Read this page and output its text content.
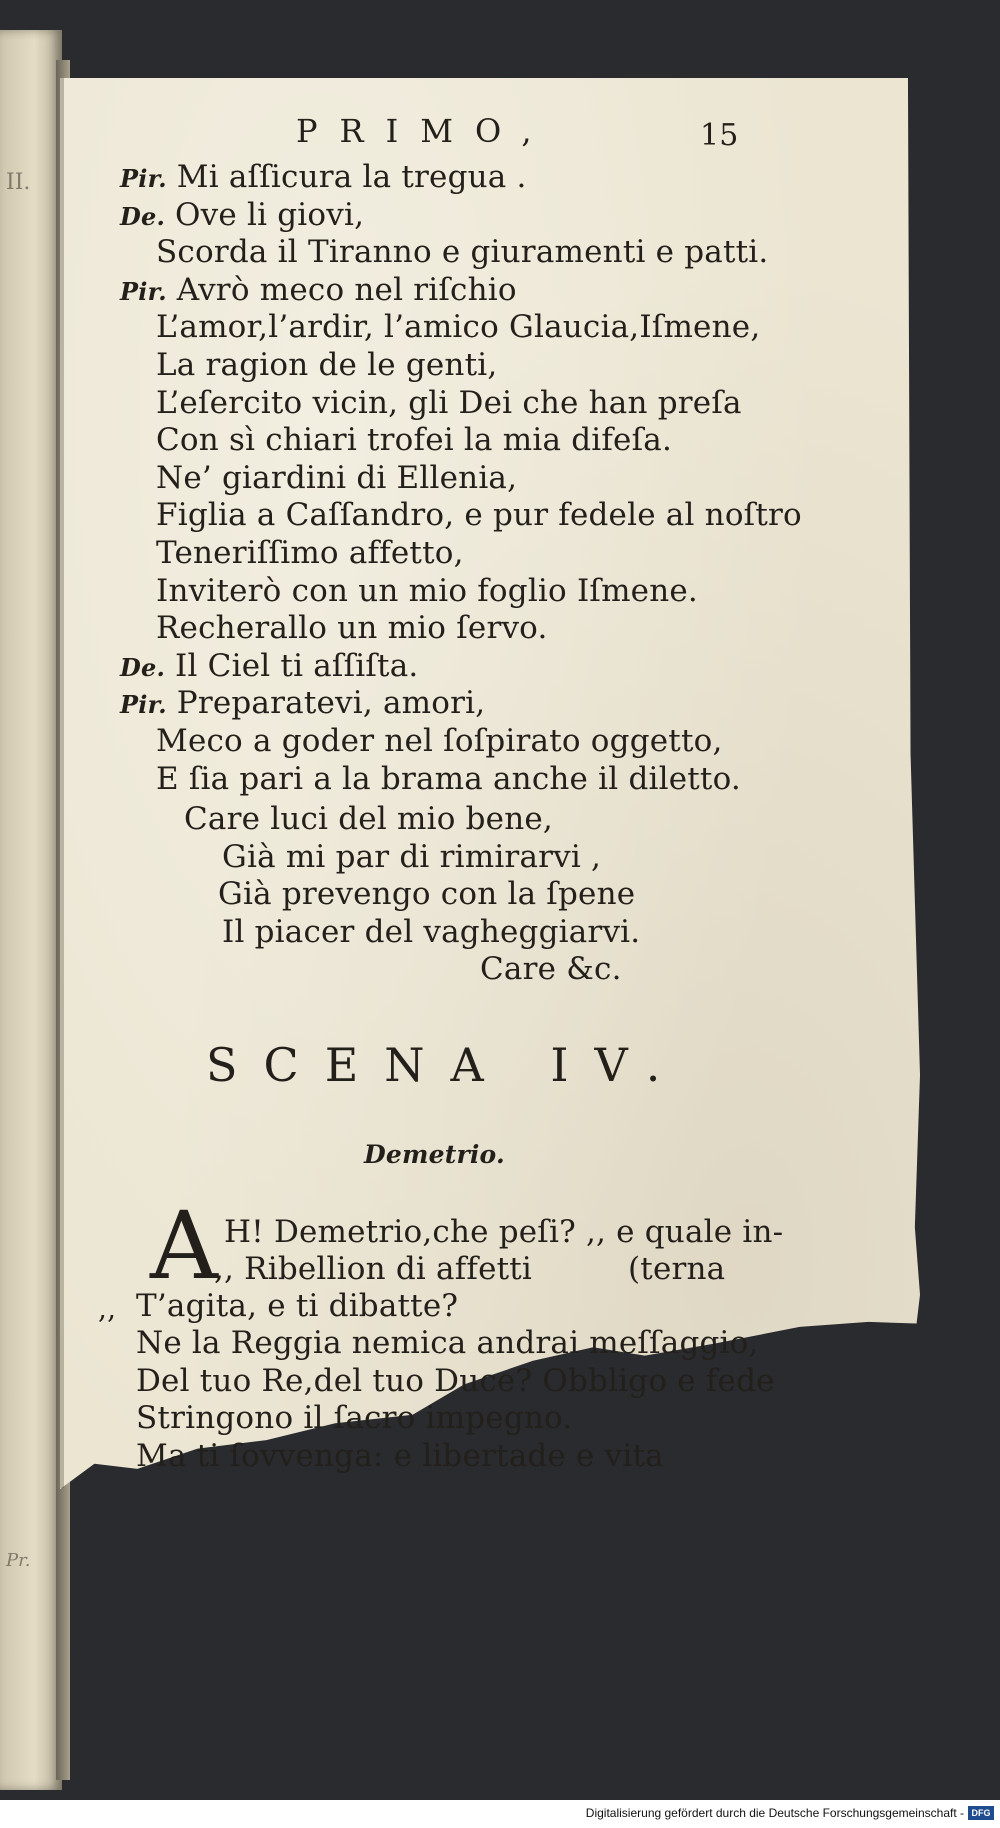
II.
Pr.
PRIMO,	15
Care &c.
SCENA IV.
Demetrio.
A H! Demetrio,che peſi? ,, e quale in-
,, Ribellion di affetti	(terna
,, T’agita, e ti dibatte?
Digitalisierung gefördert durch die Deutsche Forschungsgemeinschaft - DFG
Pir. Mi aſſicura la tregua .
De. Ove li giovi,
Scorda il Tiranno e giuramenti e patti.
Pir. Avrò meco nel riſchio
L’amor,l’ardir, l’amico Glaucia,Iſmene,
La ragion de le genti,
L’eſercito vicin, gli Dei che han preſa
Con sì chiari trofei la mia difeſa.
Ne’ giardini di Ellenia,
Figlia a Caſſandro, e pur fedele al noſtro
Teneriſſimo affetto,
Inviterò con un mio foglio Iſmene.
Recherallo un mio ſervo.
De. Il Ciel ti aſſiſta.
Pir. Preparatevi, amori,
Meco a goder nel ſoſpirato oggetto,
E ſia pari a la brama anche il diletto.
Care luci del mio bene,
Già mi par di rimirarvi ,
Già prevengo con la ſpene
Il piacer del vagheggiarvi.
Ne la Reggia nemica andrai meſſaggio,
Del tuo Re,del tuo Duce? Obbligo e fede
Stringono il ſacro impegno.
Ma ti ſovvenga: e libertade e vita
